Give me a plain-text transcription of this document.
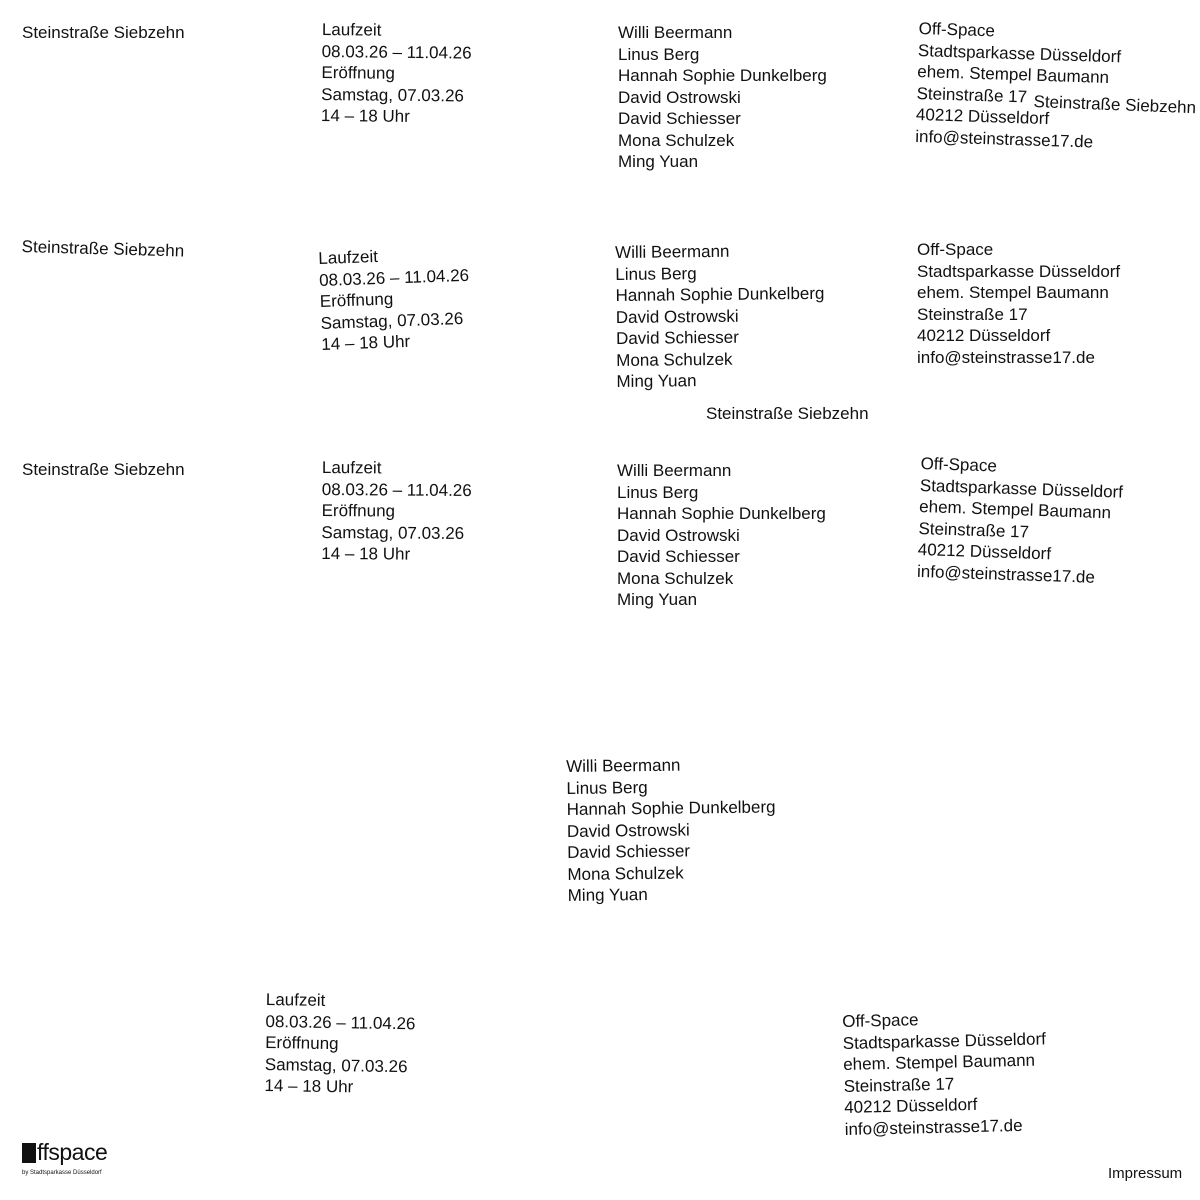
Steinstraße Siebzehn	Laufzeit
08.03.26 – 11.04.26
Eröffnung
Samstag, 07.03.26
14 – 18 Uhr
Willi Beermann
Linus Berg
Hannah Sophie Dunkelberg
David Ostrowski
David Schiesser
Mona Schulzek
Ming Yuan
Off-Space
Stadtsparkasse Düsseldorf
ehem. Stempel Baumann
Steinstraße 17
40212 Düsseldorf
info@steinstrasse17.de
Steinstraße Siebzehn
Steinstraße Siebzehn	Laufzeit
08.03.26 – 11.04.26
Eröffnung
Samstag, 07.03.26
14 – 18 Uhr
Willi Beermann
Linus Berg
Hannah Sophie Dunkelberg
David Ostrowski
David Schiesser
Mona Schulzek
Ming Yuan
Off-Space
Stadtsparkasse Düsseldorf
ehem. Stempel Baumann
Steinstraße 17
40212 Düsseldorf
info@steinstrasse17.de
Steinstraße Siebzehn
Steinstraße Siebzehn	Laufzeit
08.03.26 – 11.04.26
Eröffnung
Samstag, 07.03.26
14 – 18 Uhr
Willi Beermann
Linus Berg
Hannah Sophie Dunkelberg
David Ostrowski
David Schiesser
Mona Schulzek
Ming Yuan
Off-Space
Stadtsparkasse Düsseldorf
ehem. Stempel Baumann
Steinstraße 17
40212 Düsseldorf
info@steinstrasse17.de
Willi Beermann
Linus Berg
Hannah Sophie Dunkelberg
David Ostrowski
David Schiesser
Mona Schulzek
Ming Yuan
Laufzeit
08.03.26 – 11.04.26
Eröffnung
Samstag, 07.03.26
14 – 18 Uhr
Off-Space
Stadtsparkasse Düsseldorf
ehem. Stempel Baumann
Steinstraße 17
40212 Düsseldorf
info@steinstrasse17.de
ffspace
by Stadtsparkasse Düsseldorf	Impressum
